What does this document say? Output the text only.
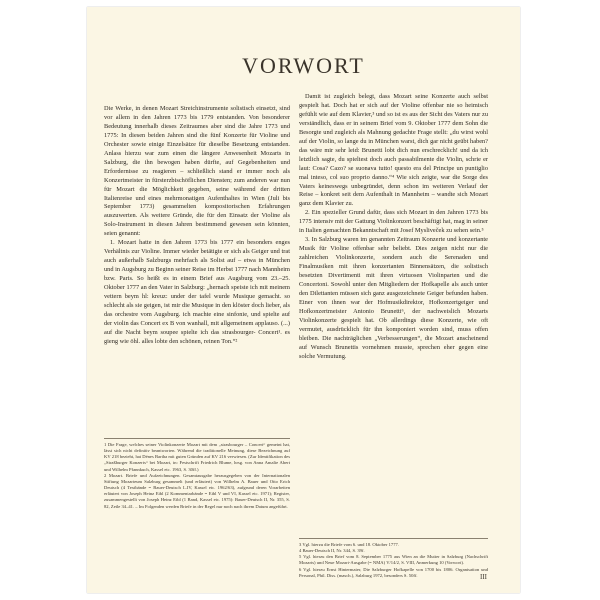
VORWORT

Die Werke, in denen Mozart Streichinstrumente solistisch einsetzt, sind vor allem in den Jahren 1773 bis 1779 entstanden. Von besonderer Bedeutung innerhalb dieses Zeitraumes aber sind die Jahre 1773 und 1775: In diesen beiden Jahren sind die fünf Konzerte für Violine und Orchester sowie einige Einzelsätze für dieselbe Besetzung entstanden. Anlass hierzu war zum einen die längere Anwesenheit Mozarts in Salzburg, die ihn bewogen haben dürfte, auf Gegebenheiten und Erfordernisse zu reagieren – schließlich stand er immer noch als Konzertmeister in fürsterzbischöflichen Diensten; zum anderen war nun für Mozart die Möglichkeit gegeben, seine während der dritten Italienreise und eines mehrmonatigen Aufenthaltes in Wien (Juli bis September 1773) gesammelten kompositorischen Erfahrungen auszuwerten. Als weitere Gründe, die für den Einsatz der Violine als Solo-Instrument in diesen Jahren bestimmend gewesen sein könnten, seien genannt:

1. Mozart hatte in den Jahren 1773 bis 1777 ein besonders enges Verhältnis zur Violine. Immer wieder betätigte er sich als Geiger und trat auch außerhalb Salzburgs mehrfach als Solist auf – etwa in München und in Augsburg zu Beginn seiner Reise im Herbst 1777 nach Mannheim bzw. Paris. So heißt es in einem Brief aus Augsburg vom 23.–25. Oktober 1777 an den Vater in Salzburg: „hernach speiste ich mit meinem vettern beym hl: kreuz: under der tafel wurde Musique gemacht. so schlecht als sie geigen, ist mir die Musique in den klöster doch lieber, als das orchestre vom Augsburg. ich machte eine sinfonie, und spielte auf der violin das Concert ex B von wanhall, mit allgemeinem applauso. (...) auf die Nacht beym soupee spielte ich das strasbourger- Concert¹. es gieng wie öhl. alles lobte den schönen, reinen Ton.“²

1 Die Frage, welches seiner Violinkonzerte Mozart mit dem „strasbourger – Concert“ gemeint hat, lässt sich nicht definitiv beantworten. Während die traditionelle Meinung, diese Bezeichnung auf KV 218 bezieht, hat Dénes Bartha mit guten Gründen auf KV 216 verwiesen. (Zur Identifikation des „Straßburger Konzerts“ bei Mozart, in: Festschrift Friedrich Blume, hrsg. von Anna Amalie Abert und Wilhelm Pfannkuch, Kassel etc. 1963, S. 30ff.)

2 Mozart. Briefe und Aufzeichnungen. Gesamtausgabe herausgegeben von der Internationalen Stiftung Mozarteum Salzburg gesammelt (und erläutert) von Wilhelm A. Bauer und Otto Erich Deutsch (4 Textbände = Bauer-Deutsch I–IV, Kassel etc. 1962/63), aufgrund deren Vorarbeiten erläutert von Joseph Heinz Eibl (2 Kommentarbände = Eibl V und VI, Kassel etc. 1971); Register, zusammengestellt von Joseph Heinz Eibl (1 Band, Kassel etc. 1975): Bauer-Deutsch II, Nr. 355, S. 82, Zeile 34–41. – Im Folgenden werden Briefe in der Regel nur noch nach ihrem Datum angeführt.

Damit ist zugleich belegt, dass Mozart seine Konzerte auch selbst gespielt hat. Doch hat er sich auf der Violine offenbar nie so heimisch gefühlt wie auf dem Klavier,³ und so ist es aus der Sicht des Vaters nur zu verständlich, dass er in seinem Brief vom 9. Oktober 1777 dem Sohn die Besorgte und zugleich als Mahnung gedachte Frage stellt: „du wirst wohl auf der Violin, so lange du in München warst, dich gar nicht geübt haben? das wäre mir sehr leid: Brunetti lobt dich nun erschrecklich! und da ich letztlich sagte, du spieltest doch auch passabilmente die Violin, schrie er laut: Cosa? Cazo? se suonava tutto! questo era del Principe un puntiglio mal inteso, col suo proprio danno.“⁴ Wie sich zeigte, war die Sorge des Vaters keineswegs unbegründet, denn schon im weiteren Verlauf der Reise – konkret seit dem Aufenthalt in Mannheim – wandte sich Mozart ganz dem Klavier zu.

2. Ein spezieller Grund dafür, dass sich Mozart in den Jahren 1773 bis 1775 intensiv mit der Gattung Violinkonzert beschäftigt hat, mag in seiner in Italien gemachten Bekanntschaft mit Josef Mysliveček zu sehen sein.⁵

3. In Salzburg waren im genannten Zeitraum Konzerte und konzertante Musik für Violine offenbar sehr beliebt. Dies zeigen nicht nur die zahlreichen Violinkonzerte, sondern auch die Serenaden und Finalmusiken mit ihren konzertanten Binnensätzen, die solistisch besetzten Divertimenti mit ihren virtuosen Violinparten und die Concertoni. Sowohl unter den Mitgliedern der Hofkapelle als auch unter den Dilettanten müssen sich ganz ausgezeichnete Geiger befunden haben. Einer von ihnen war der Hofmusikdirektor, Hofkonzertgeiger und Hofkonzertmeister Antonio Brunetti⁶, der nachweislich Mozarts Violinkonzerte gespielt hat. Ob allerdings diese Konzerte, wie oft vermutet, ausdrücklich für ihn komponiert worden sind, muss offen bleiben. Die nachträglichen „Verbesserungen“, die Mozart anscheinend auf Wunsch Brunettis vornehmen musste, sprechen eher gegen eine solche Vermutung.

3 Vgl. hierzu die Briefe vom 6. und 18. Oktober 1777.

4 Bauer-Deutsch II, Nr. 344, S. 39f.

5 Vgl. hierzu den Brief vom 8. September 1775 aus Wien an die Mutter in Salzburg (Nachschrift Mozarts) und Neue Mozart-Ausgabe (= NMA) V/14/2, S. VIII, Anmerkung 10 (Vorwort).

6 Vgl. hierzu Ernst Hintermaier, Die Salzburger Hofkapelle von 1700 bis 1806. Organisation und Personal, Phil. Diss. (masch.), Salzburg 1972, besonders S. 50ff.	III
